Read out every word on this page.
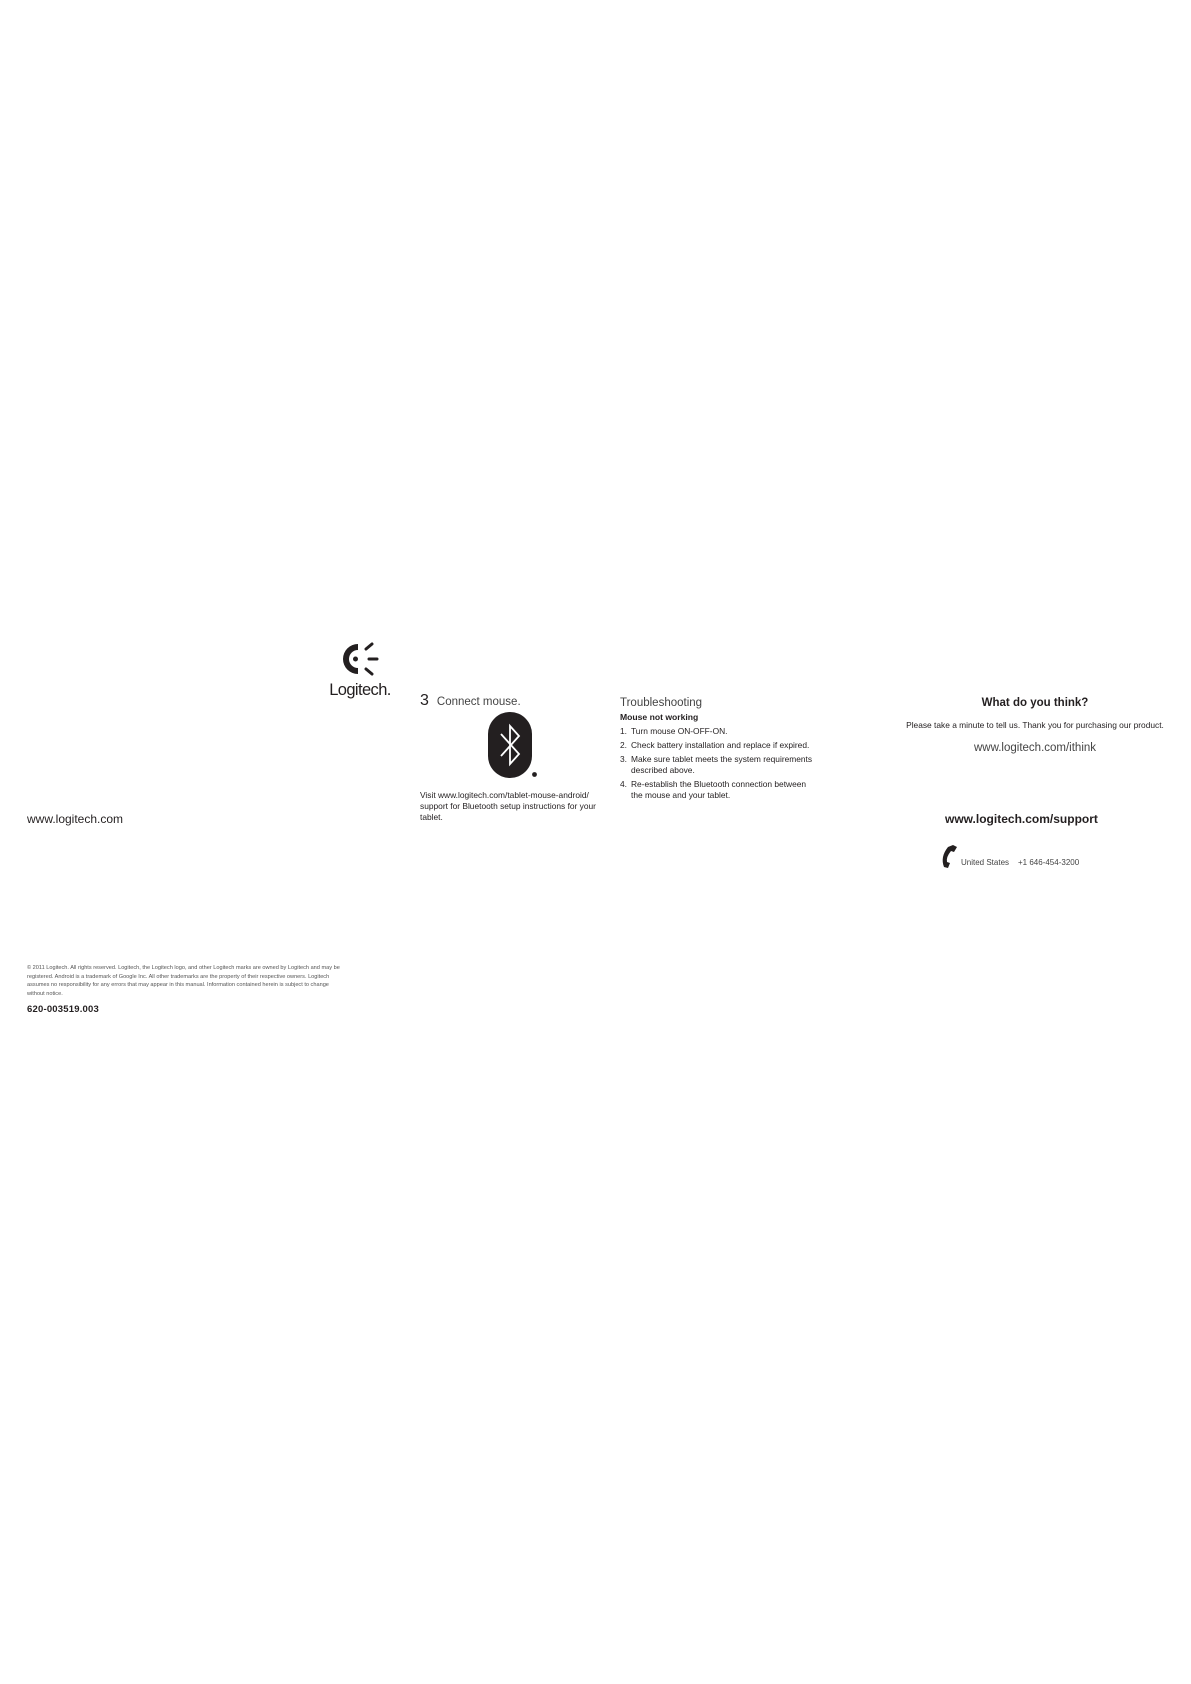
Logitech.
www.logitech.com
© 2011 Logitech. All rights reserved. Logitech, the Logitech logo, and other Logitech marks are owned by Logitech and may be registered. Android is a trademark of Google Inc. All other trademarks are the property of their respective owners. Logitech assumes no responsibility for any errors that may appear in this manual. Information contained herein is subject to change without notice.
620-003519.003
3 Connect mouse.
Visit www.logitech.com/tablet-mouse-android/ support for Bluetooth setup instructions for your tablet.
Troubleshooting
Mouse not working
1. Turn mouse ON-OFF-ON.
2. Check battery installation and replace if expired.
3. Make sure tablet meets the system requirements described above.
4. Re-establish the Bluetooth connection between the mouse and your tablet.
What do you think?
Please take a minute to tell us. Thank you for purchasing our product.
www.logitech.com/ithink
www.logitech.com/support
United States +1 646-454-3200
